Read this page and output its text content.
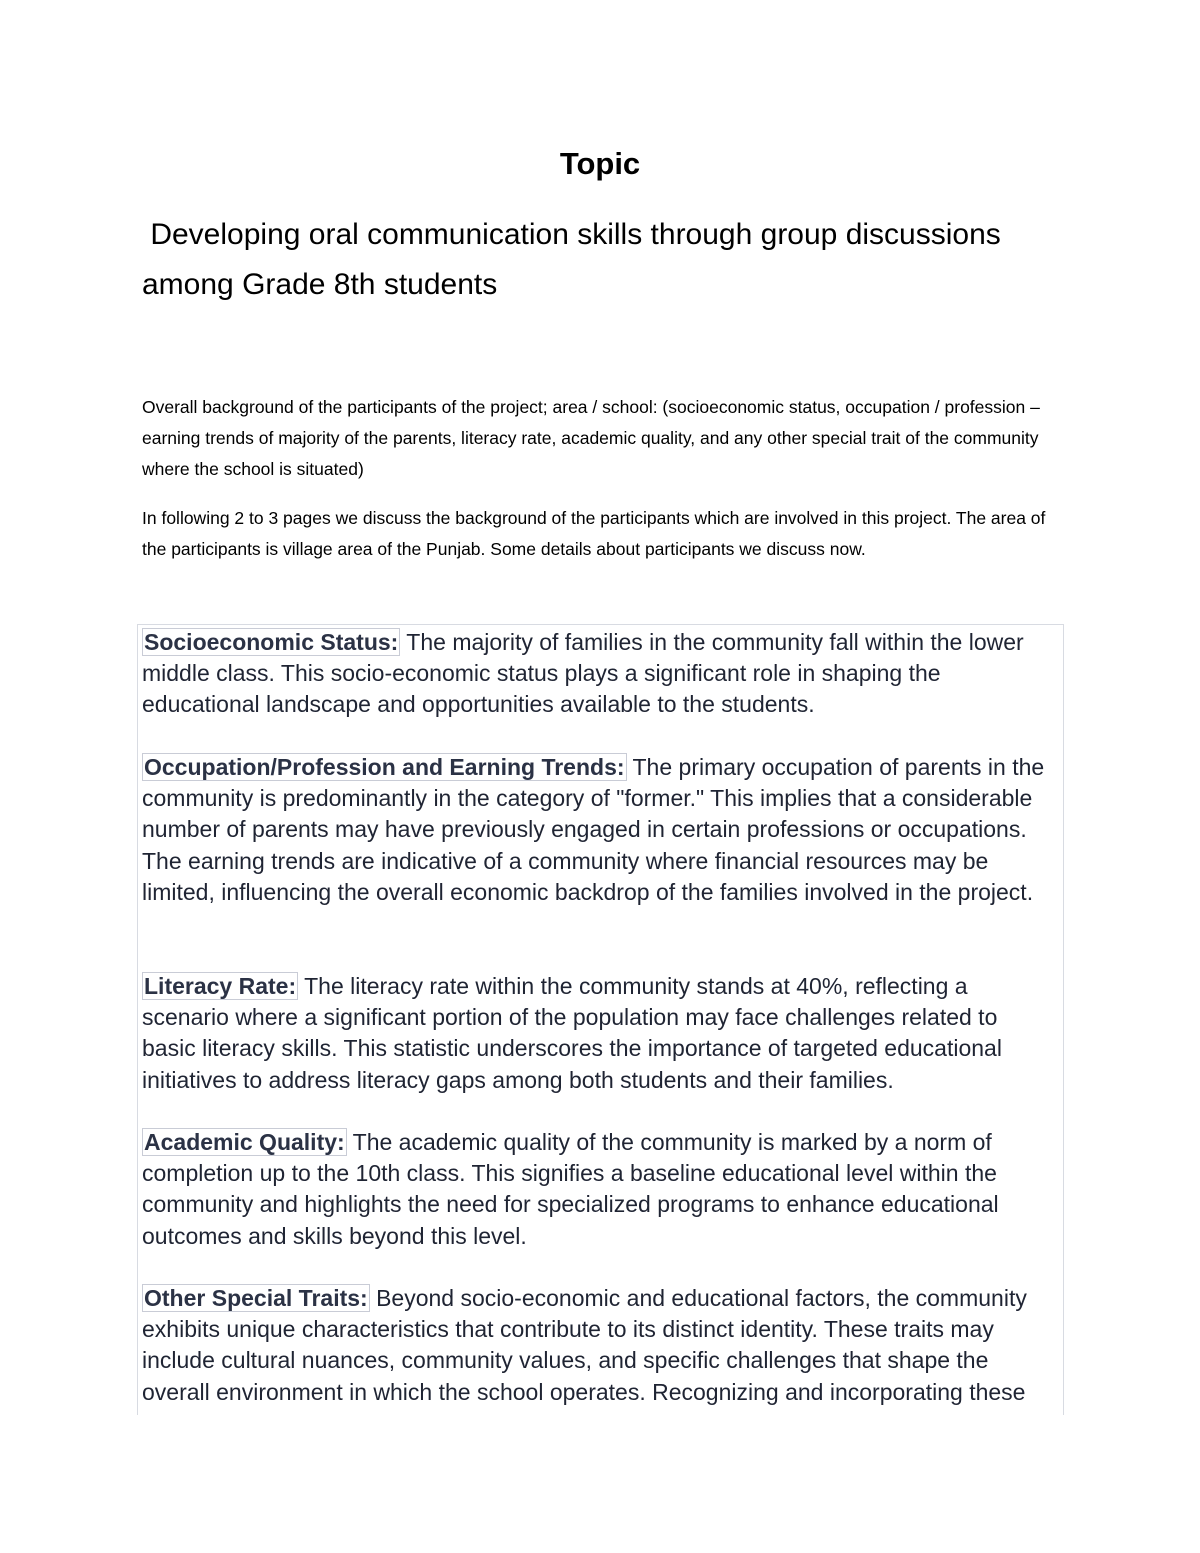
Topic
Developing oral communication skills through group discussions
among Grade 8th students

Overall background of the participants of the project; area / school: (socioeconomic status, occupation / profession – earning trends of majority of the parents, literacy rate, academic quality, and any other special trait of the community where the school is situated)

In following 2 to 3 pages we discuss the background of the participants which are involved in this project. The area of the participants is village area of the Punjab. Some details about participants we discuss now.

Socioeconomic Status: The majority of families in the community fall within the lower middle class. This socio-economic status plays a significant role in shaping the educational landscape and opportunities available to the students.

Occupation/Profession and Earning Trends: The primary occupation of parents in the community is predominantly in the category of "former." This implies that a considerable number of parents may have previously engaged in certain professions or occupations. The earning trends are indicative of a community where financial resources may be limited, influencing the overall economic backdrop of the families involved in the project.

Literacy Rate: The literacy rate within the community stands at 40%, reflecting a scenario where a significant portion of the population may face challenges related to basic literacy skills. This statistic underscores the importance of targeted educational initiatives to address literacy gaps among both students and their families.

Academic Quality: The academic quality of the community is marked by a norm of completion up to the 10th class. This signifies a baseline educational level within the community and highlights the need for specialized programs to enhance educational outcomes and skills beyond this level.

Other Special Traits: Beyond socio-economic and educational factors, the community exhibits unique characteristics that contribute to its distinct identity. These traits may include cultural nuances, community values, and specific challenges that shape the overall environment in which the school operates. Recognizing and incorporating these
